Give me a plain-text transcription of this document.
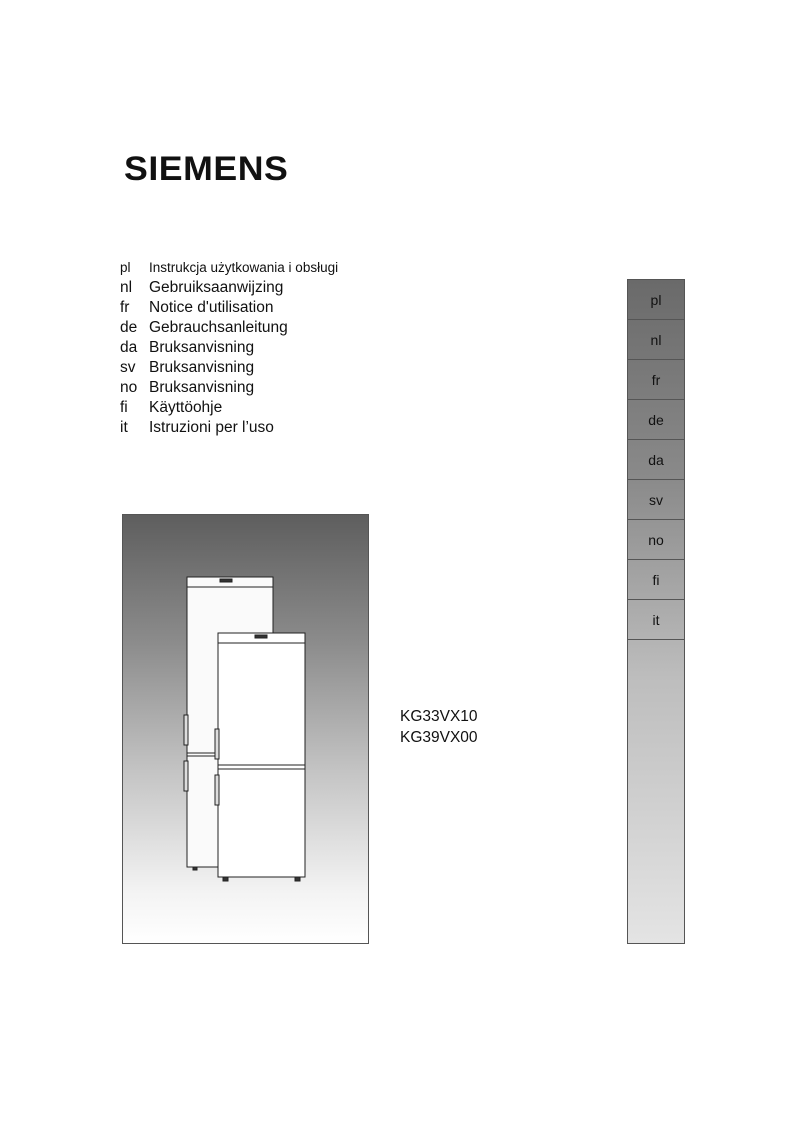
SIEMENS
pl	Instrukcja użytkowania i obsługi
nl	Gebruiksaanwijzing
fr	Notice d'utilisation
de Gebrauchsanleitung
da Bruksanvisning
sv Bruksanvisning
no Bruksanvisning
fi	Käyttöohje
it	Istruzioni per l’uso
KG33VX10
KG39VX00
pl
nl
fr
de
da
sv
no
fi
it
